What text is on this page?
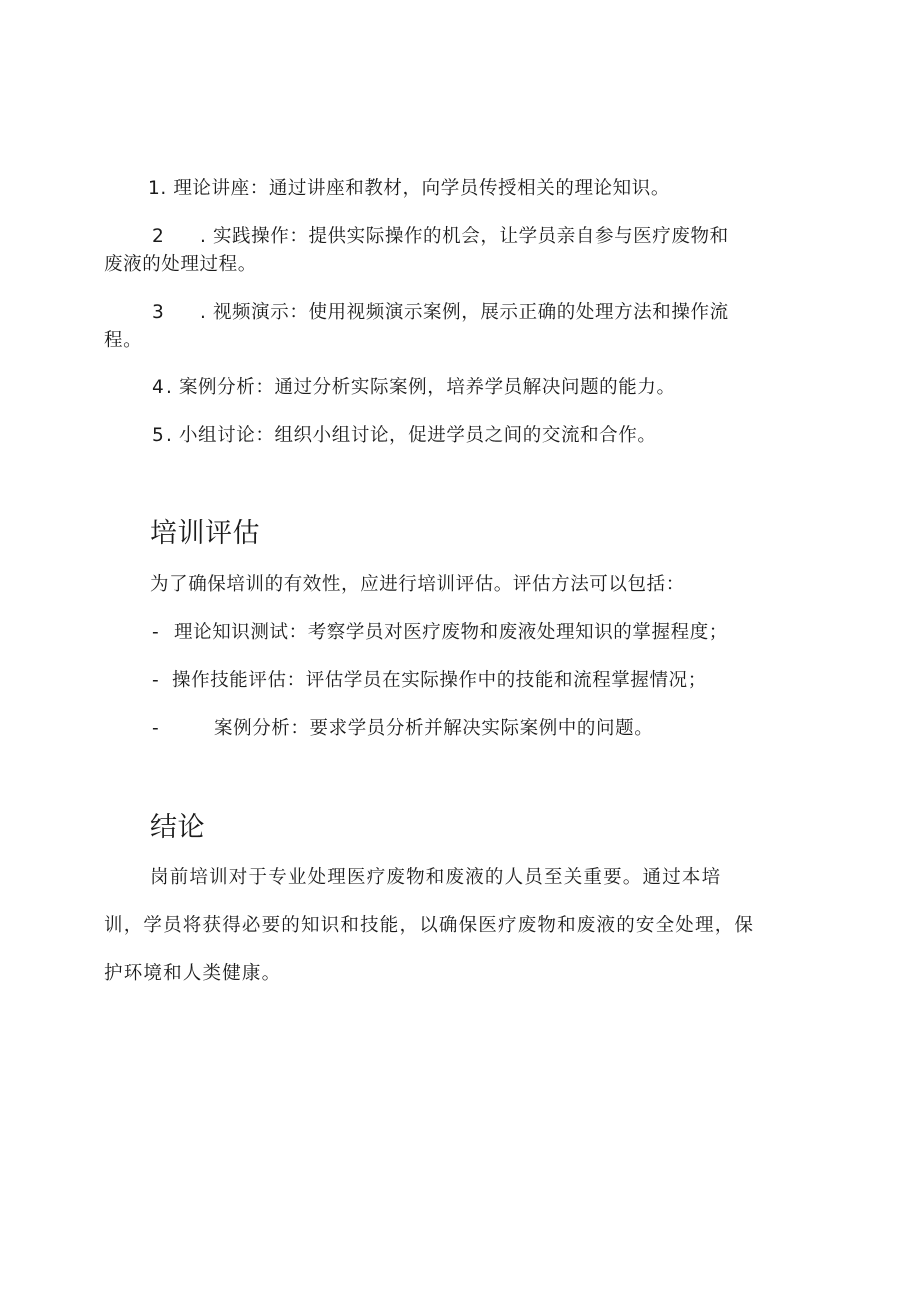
1. 理论讲座：通过讲座和教材，向学员传授相关的理论知识。
2 . 实践操作：提供实际操作的机会，让学员亲自参与医疗废物和
废液的处理过程。
3 . 视频演示：使用视频演示案例，展示正确的处理方法和操作流
程。
4. 案例分析：通过分析实际案例，培养学员解决问题的能力。
5. 小组讨论：组织小组讨论，促进学员之间的交流和合作。
培训评估
为了确保培训的有效性，应进行培训评估。评估方法可以包括：
- 理论知识测试：考察学员对医疗废物和废液处理知识的掌握程度；
- 操作技能评估：评估学员在实际操作中的技能和流程掌握情况；
-	案例分析：要求学员分析并解决实际案例中的问题。
结论
岗前培训对于专业处理医疗废物和废液的人员至关重要。通过本培
训，学员将获得必要的知识和技能，以确保医疗废物和废液的安全处理，保
护环境和人类健康。
